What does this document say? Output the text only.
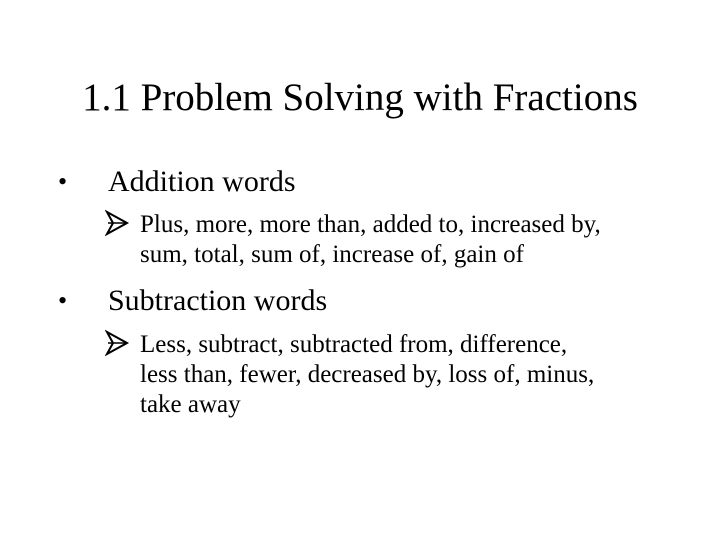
1.1 Problem Solving with Fractions
• Addition words
Plus, more, more than, added to, increased by,
sum, total, sum of, increase of, gain of
• Subtraction words
Less, subtract, subtracted from, difference,
less than, fewer, decreased by, loss of, minus,
take away
